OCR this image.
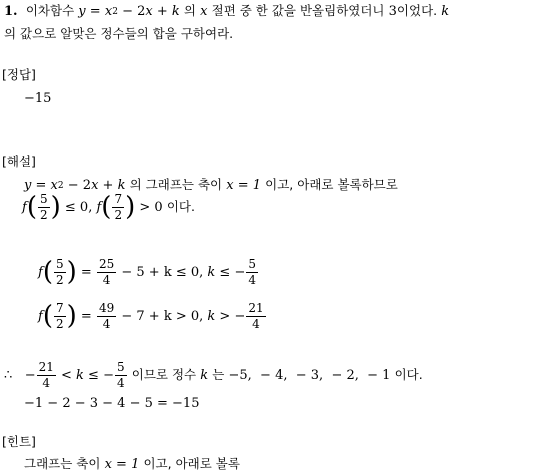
1.
이차함수
y
=
x 2
− 2 x
+
k
의
x
절편 중 한 값을 반올림하였더니
3 이었다.
k
의 값으로 알맞은 정수들의 합을 구하여라.
[정답]
−15
[해설]
y
=
x 2
− 2 x
+
k
의 그래프는 축이
x = 1
이고, 아래로 볼록하므로
f ( $\frac{5}{2}$ )
≤ 0,
f ( $\frac{7}{2}$ )
> 0
이다.
f ( $\frac{5}{2}$ )
=
$\frac{25}{4}$
− 5 + k ≤ 0,
k ≤ − $\frac{5}{4}$
f ( $\frac{7}{2}$ )
=
$\frac{49}{4}$
− 7 + k > 0,
k > − $\frac{21}{4}$
∴
− $\frac{21}{4}$
< k ≤ − $\frac{5}{4}$
이므로 정수
k
는
−5,  − 4,  − 3,  − 2,  − 1
이다.
−1 − 2 − 3 − 4 − 5 = −15
[힌트]
그래프는 축이
x = 1
이고, 아래로 볼록
